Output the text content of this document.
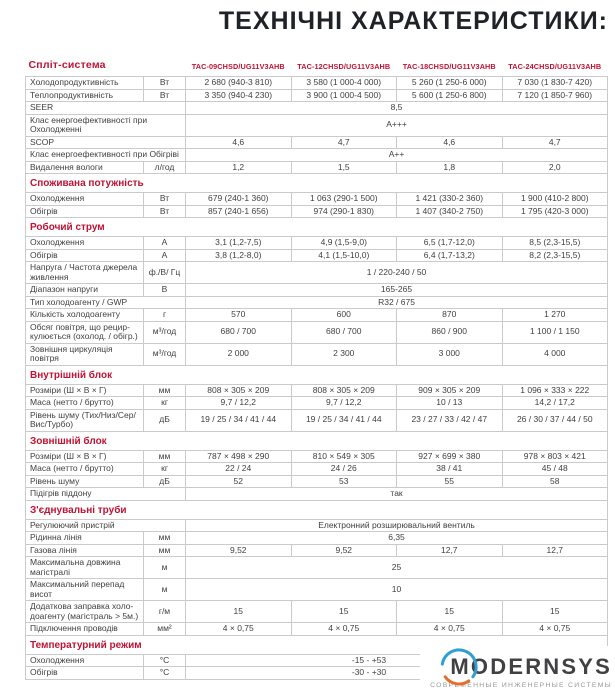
ТЕХНІЧНІ ХАРАКТЕРИСТИКИ:
Спліт-система		TAC-09CHSD/UG11V3AHB	TAC-12CHSD/UG11V3AHB	TAC-18CHSD/UG11V3AHB	TAC-24CHSD/UG11V3AHB
Холодопродуктивність	Вт	2 680 (940-3 810)	3 580 (1 000-4 000)	5 260 (1 250-6 000)	7 030 (1 830-7 420)
Теплопродуктивність	Вт	3 350 (940-4 230)	3 900 (1 000-4 500)	5 600 (1 250-6 800)	7 120 (1 850-7 960)
SEER		8,5			
Клас енергоефективності при Охолодженні		А+++			
SCOP		4,6	4,7	4,6	4,7
Клас енергоефективності при Обігріві		А++			
Видалення вологи	л/год	1,2	1,5	1,8	2,0
Споживана потужність					
Охолодження	Вт	679 (240-1 360)	1 063 (290-1 500)	1 421 (330-2 360)	1 900 (410-2 800)
Обігрів	Вт	857 (240-1 656)	974 (290-1 830)	1 407 (340-2 750)	1 795 (420-3 000)
Робочий струм					
Охолодження	А	3,1 (1,2-7,5)	4,9 (1,5-9,0)	6,5 (1,7-12,0)	8,5 (2,3-15,5)
Обігрів	А	3,8 (1,2-8,0)	4,1 (1,5-10,0)	6,4 (1,7-13,2)	8,2 (2,3-15,5)
Напруга / Частота джерела живлення	ф./В/ Гц	1 / 220-240 / 50			
Діапазон напруги	В	165-265			
Тип холодоагенту / GWP		R32 / 675			
Кількість холодоагенту	г	570	600	870	1 270
Обсяг повітря, що рецир- кулюється (охолод. / обігр.)	м³/год	680 / 700	680 / 700	860 / 900	1 100 / 1 150
Зовнішня циркуляція повітря	м³/год	2 000	2 300	3 000	4 000
Внутрішній блок					
Розміри (Ш × В × Г)	мм	808 × 305 × 209	808 × 305 × 209	909 × 305 × 209	1 096 × 333 × 222
Маса (нетто / брутто)	кг	9,7 / 12,2	9,7 / 12,2	10 / 13	14,2 / 17,2
Рівень шуму (Тих/Низ/Сер/ Вис/Турбо)	дБ	19 / 25 / 34 / 41 / 44	19 / 25 / 34 / 41 / 44	23 / 27 / 33 / 42 / 47	26 / 30 / 37 / 44 / 50
Зовнішній блок					
Розміри (Ш × В × Г)	мм	787 × 498 × 290	810 × 549 × 305	927 × 699 × 380	978 × 803 × 421
Маса (нетто / брутто)	кг	22 / 24	24 / 26	38 / 41	45 / 48
Рівень шуму	дБ	52	53	55	58
Підігрів піддону		так			
З'єднувальні труби					
Регулюючий пристрій		Електронний розширювальний вентиль			
Рідинна лінія	мм	6,35			
Газова лінія	мм	9,52	9,52	12,7	12,7
Максимальна довжина магістралі	м	25			
Максимальний перепад висот	м	10			
Додаткова заправка холо- доагенту (магістраль > 5м.)	г/м	15	15	15	15
Підключення проводів	мм²	4 × 0,75	4 × 0,75	4 × 0,75	4 × 0,75
Температурний режим					
Охолодження	°C	-15 - +53			
Обігрів	°C	-30 - +30				MODERNSYS
СОВРЕМЕННЫЕ ИНЖЕНЕРНЫЕ СИСТЕМЫ
